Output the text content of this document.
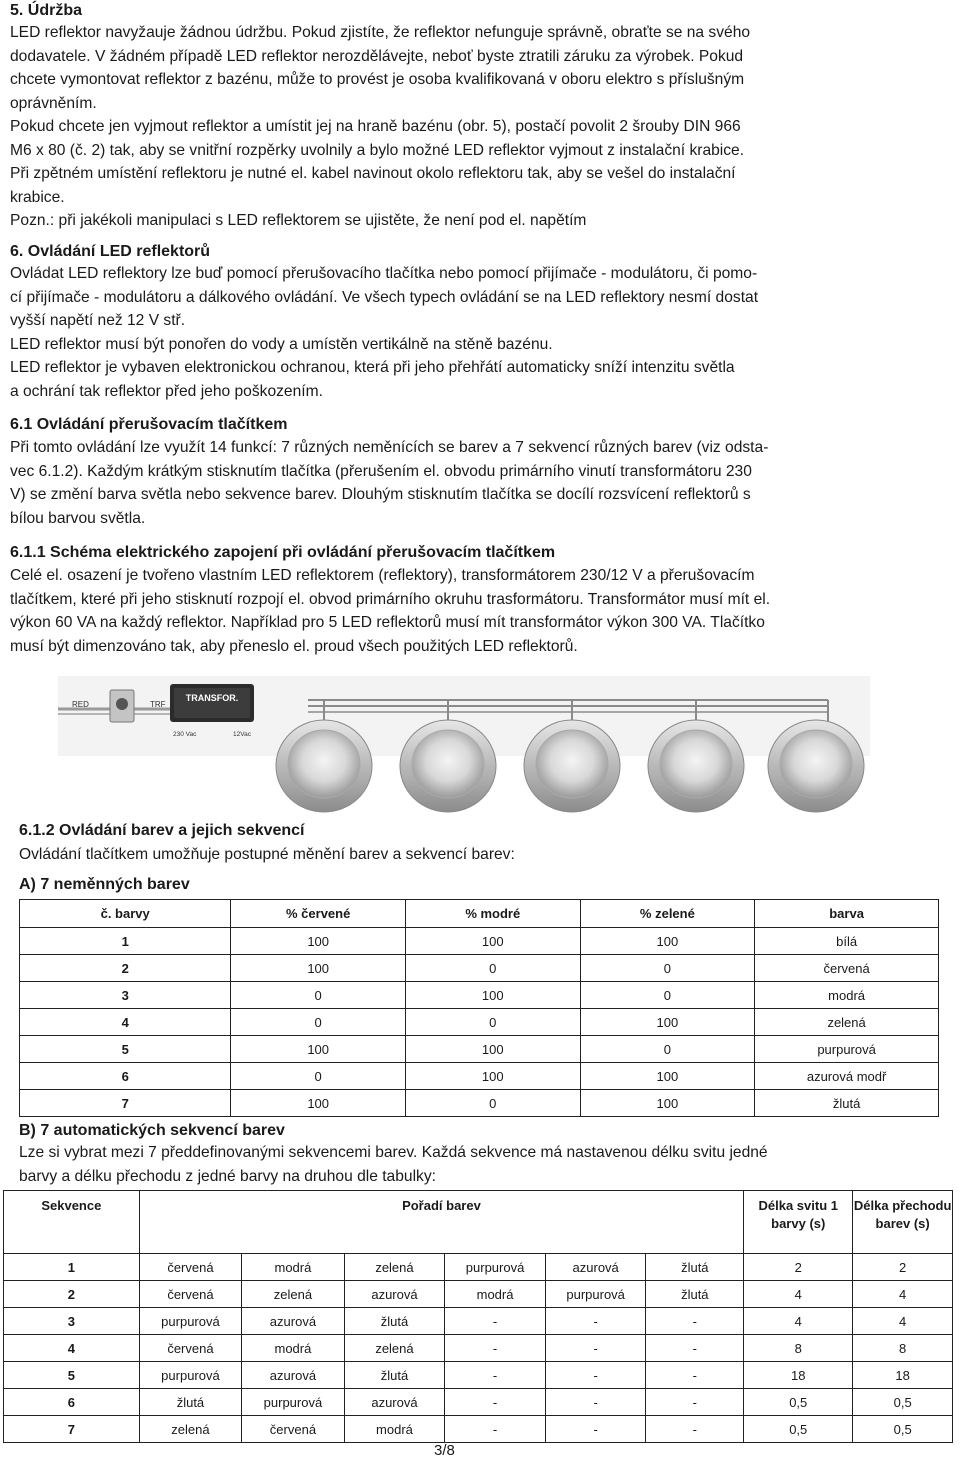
5. Údržba
LED reflektor navyžauje žádnou údržbu. Pokud zjistíte, že reflektor nefunguje správně, obraťte se na svého
dodavatele. V žádném případě LED reflektor nerozdělávejte, neboť byste ztratili záruku za výrobek. Pokud
chcete vymontovat reflektor z bazénu, může to provést je osoba kvalifikovaná v oboru elektro s příslušným
oprávněním.
Pokud chcete jen vyjmout reflektor a umístit jej na hraně bazénu (obr. 5), postačí povolit 2 šrouby DIN 966
M6 x 80 (č. 2) tak, aby se vnitřní rozpěrky uvolnily a bylo možné LED reflektor vyjmout z instalační krabice.
Při zpětném umístění reflektoru je nutné el. kabel navinout okolo reflektoru tak, aby se vešel do instalační
krabice.
Pozn.: při jakékoli manipulaci s LED reflektorem se ujistěte, že není pod el. napětím
6. Ovládání LED reflektorů
Ovládat LED reflektory lze buď pomocí přerušovacího tlačítka nebo pomocí přijímače - modulátoru, či pomo-
cí přijímače - modulátoru a dálkového ovládání. Ve všech typech ovládání se na LED reflektory nesmí dostat
vyšší napětí než 12 V stř.
LED reflektor musí být ponořen do vody a umístěn vertikálně na stěně bazénu.
LED reflektor je vybaven elektronickou ochranou, která při jeho přehřátí automaticky sníží intenzitu světla
a ochrání tak reflektor před jeho poškozením.
6.1 Ovládání přerušovacím tlačítkem
Při tomto ovládání lze využít 14 funkcí: 7 různých neměnících se barev a 7 sekvencí různých barev (viz odsta-
vec 6.1.2). Každým krátkým stisknutím tlačítka (přerušením el. obvodu primárního vinutí transformátoru 230
V) se změní barva světla nebo sekvence barev. Dlouhým stisknutím tlačítka se docílí rozsvícení reflektorů s
bílou barvou světla.
6.1.1 Schéma elektrického zapojení při ovládání přerušovacím tlačítkem
Celé el. osazení je tvořeno vlastním LED reflektorem (reflektory), transformátorem 230/12 V a přerušovacím
tlačítkem, které při jeho stisknutí rozpojí el. obvod primárního okruhu trasformátoru. Transformátor musí mít el.
výkon 60 VA na každý reflektor. Například pro 5 LED reflektorů musí mít transformátor výkon 300 VA. Tlačítko
musí být dimenzováno tak, aby přeneslo el. proud všech použitých LED reflektorů.
RED	TRF
TRANSFOR.
230 Vac	12Vac
6.1.2 Ovládání barev a jejich sekvencí
Ovládání tlačítkem umožňuje postupné měnění barev a sekvencí barev:
A) 7 neměnných barev
č. barvy	% červené	% modré	% zelené	barva
1	100	100	100	bílá
2	100	0	0	červená
3	0	100	0	modrá
4	0	0	100	zelená
5	100	100	0	purpurová
6	0	100	100	azurová modř
7	100	0	100	žlutá
B) 7 automatických sekvencí barev
Lze si vybrat mezi 7 předdefinovanými sekvencemi barev. Každá sekvence má nastavenou délku svitu jedné
barvy a délku přechodu z jedné barvy na druhou dle tabulky:
Sekvence	Pořadí barev						Délka svitu 1 barvy (s)	Délka přechodu barev (s)
1	červená	modrá	zelená	purpurová	azurová	žlutá	2	2
2	červená	zelená	azurová	modrá	purpurová	žlutá	4	4
3	purpurová	azurová	žlutá	-	-	-	4	4
4	červená	modrá	zelená	-	-	-	8	8
5	purpurová	azurová	žlutá	-	-	-	18	18
6	žlutá	purpurová	azurová	-	-	-	0,5	0,5
7	zelená	červená	modrá	-	-	-	0,5	0,5
3/8
